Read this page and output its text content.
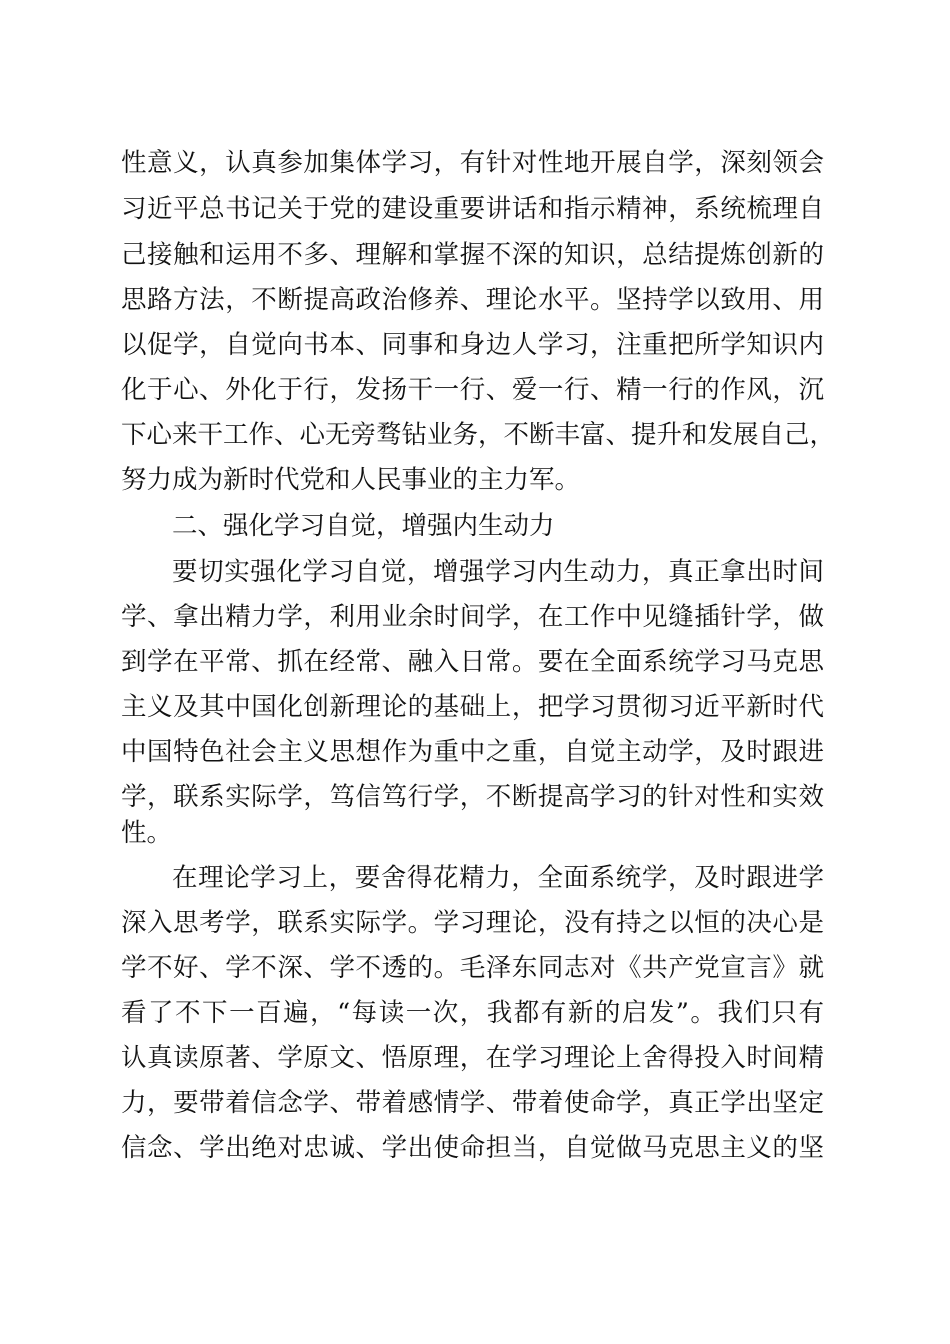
性意义，认真参加集体学习，有针对性地开展自学，深刻领会
习近平总书记关于党的建设重要讲话和指示精神，系统梳理自
己接触和运用不多、理解和掌握不深的知识，总结提炼创新的
思路方法，不断提高政治修养、理论水平。坚持学以致用、用
以促学，自觉向书本、同事和身边人学习，注重把所学知识内
化于心、外化于行，发扬干一行、爱一行、精一行的作风，沉
下心来干工作、心无旁骛钻业务，不断丰富、提升和发展自己，
努力成为新时代党和人民事业的主力军。
二、强化学习自觉，增强内生动力
要切实强化学习自觉，增强学习内生动力，真正拿出时间
学、拿出精力学，利用业余时间学，在工作中见缝插针学，做
到学在平常、抓在经常、融入日常。要在全面系统学习马克思
主义及其中国化创新理论的基础上，把学习贯彻习近平新时代
中国特色社会主义思想作为重中之重，自觉主动学，及时跟进
学，联系实际学，笃信笃行学，不断提高学习的针对性和实效
性。
在理论学习上，要舍得花精力，全面系统学，及时跟进学
深入思考学，联系实际学。学习理论，没有持之以恒的决心是
学不好、学不深、学不透的。毛泽东同志对《共产党宣言》就
看了不下一百遍，“每读一次，我都有新的启发”。我们只有
认真读原著、学原文、悟原理，在学习理论上舍得投入时间精
力，要带着信念学、带着感情学、带着使命学，真正学出坚定
信念、学出绝对忠诚、学出使命担当，自觉做马克思主义的坚
